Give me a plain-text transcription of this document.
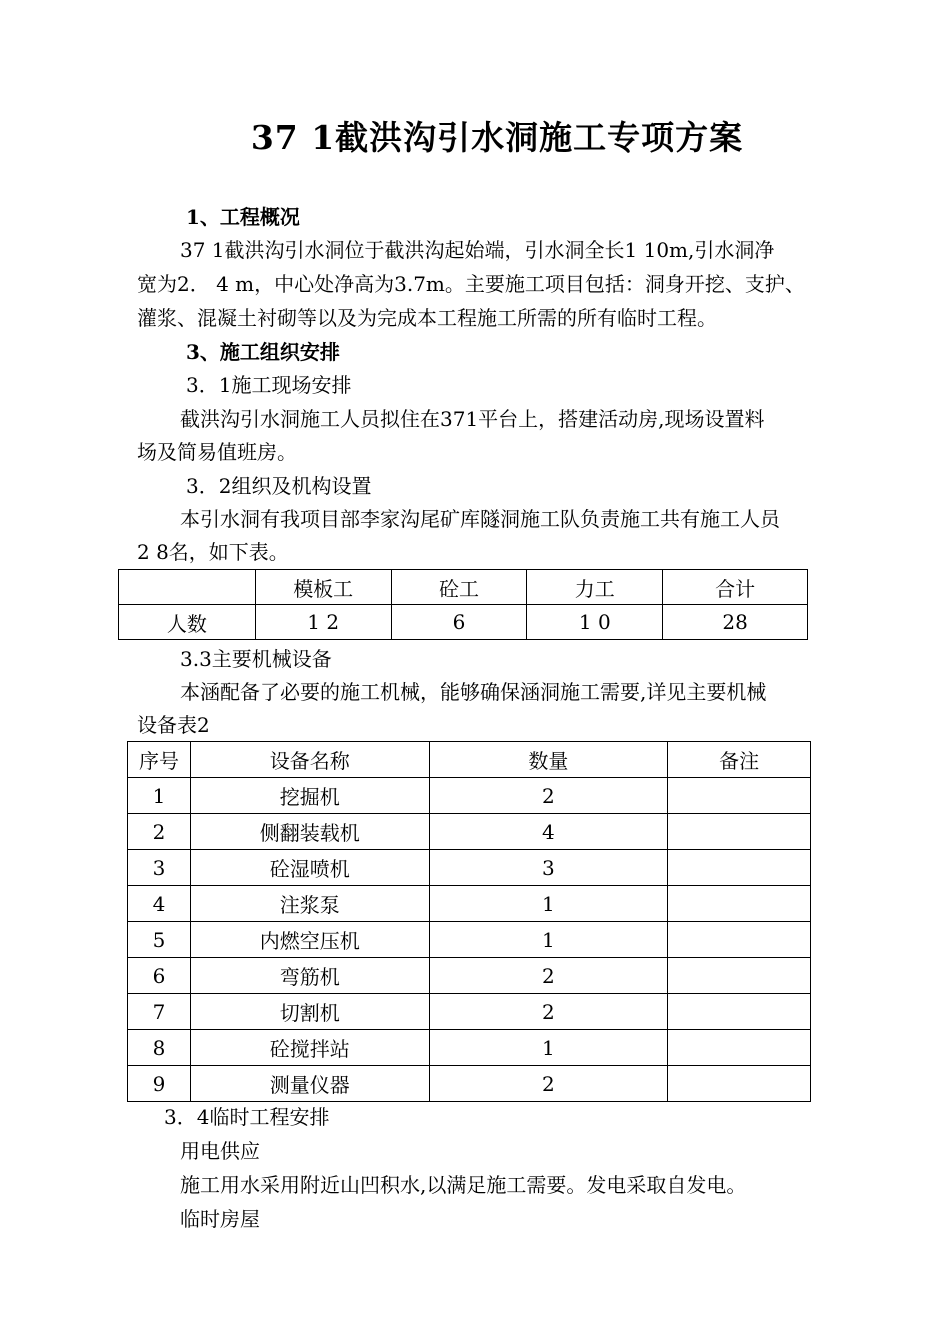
37 1截洪沟引水洞施工专项方案
1、工程概况
37 1截洪沟引水洞位于截洪沟起始端，引水洞全长1 10m,引水洞净
宽为2． 4 m，中心处净高为3.7m。主要施工项目包括：洞身开挖、支护、
灌浆、混凝土衬砌等以及为完成本工程施工所需的所有临时工程。
3、施工组织安排
3．1施工现场安排
截洪沟引水洞施工人员拟住在371平台上，搭建活动房,现场设置料
场及简易值班房。
3．2组织及机构设置
本引水洞有我项目部李家沟尾矿库隧洞施工队负责施工共有施工人员
2 8名，如下表。
	模板工	砼工	力工	合计
人数	1 2	6	1 0	28
3.3主要机械设备
本涵配备了必要的施工机械，能够确保涵洞施工需要,详见主要机械
设备表2
序号	设备名称	数量	备注
1	挖掘机	2	
2	侧翻装载机	4	
3	砼湿喷机	3	
4	注浆泵	1	
5	内燃空压机	1	
6	弯筋机	2	
7	切割机	2	
8	砼搅拌站	1	
9	测量仪器	2	
3．4临时工程安排
用电供应
施工用水采用附近山凹积水,以满足施工需要。发电采取自发电。
临时房屋
